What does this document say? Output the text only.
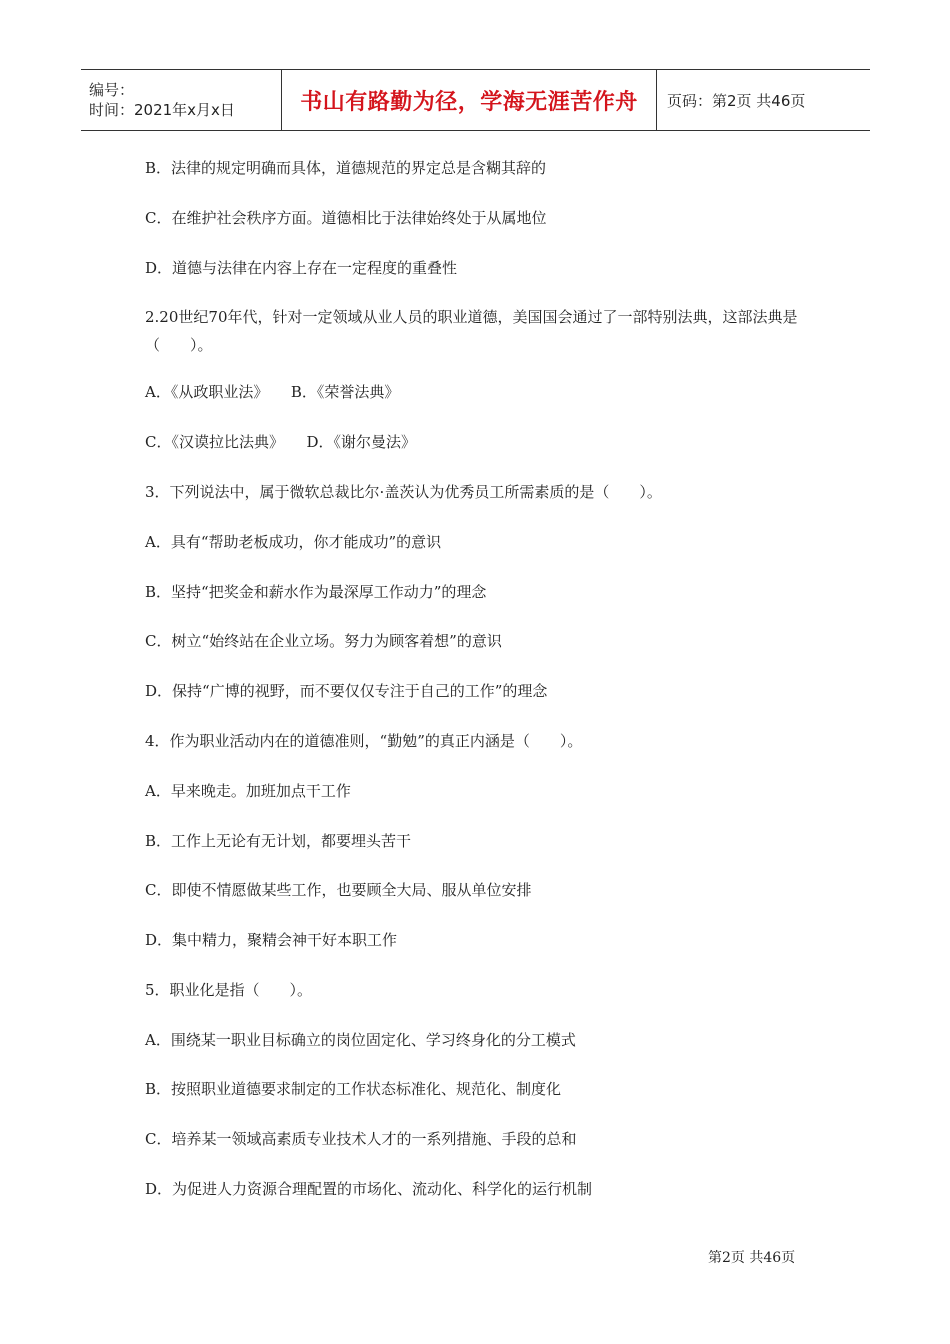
编号：
时间：2021年x月x日	书山有路勤为径，学海无涯苦作舟 页码：第2页 共46页
B．法律的规定明确而具体，道德规范的界定总是含糊其辞的
C．在维护社会秩序方面。道德相比于法律始终处于从属地位
D．道德与法律在内容上存在一定程度的重叠性
2.20世纪70年代，针对一定领域从业人员的职业道德，美国国会通过了一部特别法典，这部法典是（　　）。
A．《从政职业法》　　B．《荣誉法典》
C．《汉谟拉比法典》　　D．《谢尔曼法》
3．下列说法中，属于微软总裁比尔·盖茨认为优秀员工所需素质的是（　　）。
A．具有“帮助老板成功，你才能成功”的意识
B．坚持“把奖金和薪水作为最深厚工作动力”的理念
C．树立“始终站在企业立场。努力为顾客着想”的意识
D．保持“广博的视野，而不要仅仅专注于自己的工作”的理念
4．作为职业活动内在的道德准则，“勤勉”的真正内涵是（　　）。
A．早来晚走。加班加点干工作
B．工作上无论有无计划，都要埋头苦干
C．即使不情愿做某些工作，也要顾全大局、服从单位安排
D．集中精力，聚精会神干好本职工作
5．职业化是指（　　）。
A．围绕某一职业目标确立的岗位固定化、学习终身化的分工模式
B．按照职业道德要求制定的工作状态标准化、规范化、制度化
C．培养某一领域高素质专业技术人才的一系列措施、手段的总和
D．为促进人力资源合理配置的市场化、流动化、科学化的运行机制
第2页 共46页
